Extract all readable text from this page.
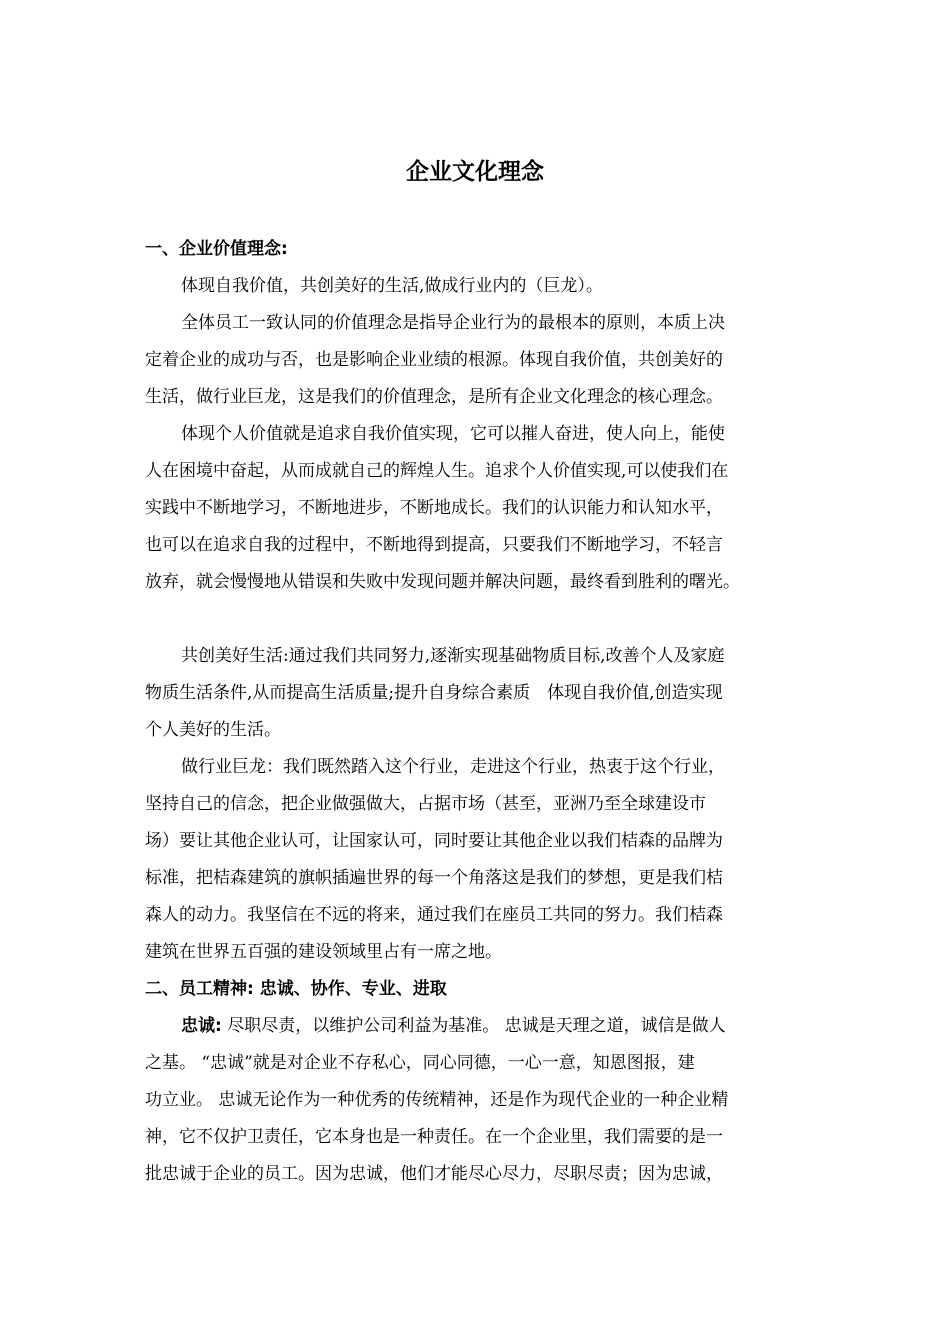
企业文化理念

一、企业价值理念:

体现自我价值，共创美好的生活,做成行业内的（巨龙）。

全体员工一致认同的价值理念是指导企业行为的最根本的原则，本质上决

定着企业的成功与否，也是影响企业业绩的根源。体现自我价值，共创美好的

生活，做行业巨龙，这是我们的价值理念，是所有企业文化理念的核心理念。

体现个人价值就是追求自我价值实现，它可以摧人奋进，使人向上，能使

人在困境中奋起，从而成就自己的辉煌人生。追求个人价值实现,可以使我们在

实践中不断地学习，不断地进步，不断地成长。我们的认识能力和认知水平，

也可以在追求自我的过程中，不断地得到提高，只要我们不断地学习，不轻言

放弃，就会慢慢地从错误和失败中发现问题并解决问题，最终看到胜利的曙光。

共创美好生活:通过我们共同努力,逐渐实现基础物质目标,改善个人及家庭

物质生活条件,从而提高生活质量;提升自身综合素质　体现自我价值,创造实现

个人美好的生活。

做行业巨龙：我们既然踏入这个行业，走进这个行业，热衷于这个行业，

坚持自己的信念，把企业做强做大，占据市场（甚至，亚洲乃至全球建设市

场）要让其他企业认可，让国家认可，同时要让其他企业以我们桔森的品牌为

标准，把桔森建筑的旗帜插遍世界的每一个角落这是我们的梦想，更是我们桔

森人的动力。我坚信在不远的将来，通过我们在座员工共同的努力。我们桔森

建筑在世界五百强的建设领域里占有一席之地。

二、员工精神: 忠诚、协作、专业、进取

忠诚: 尽职尽责，以维护公司利益为基准。 忠诚是天理之道，诚信是做人

之基。 “忠诚”就是对企业不存私心，同心同德，一心一意，知恩图报，建

功立业。 忠诚无论作为一种优秀的传统精神，还是作为现代企业的一种企业精

神，它不仅护卫责任，它本身也是一种责任。在一个企业里，我们需要的是一

批忠诚于企业的员工。因为忠诚，他们才能尽心尽力，尽职尽责；因为忠诚，
